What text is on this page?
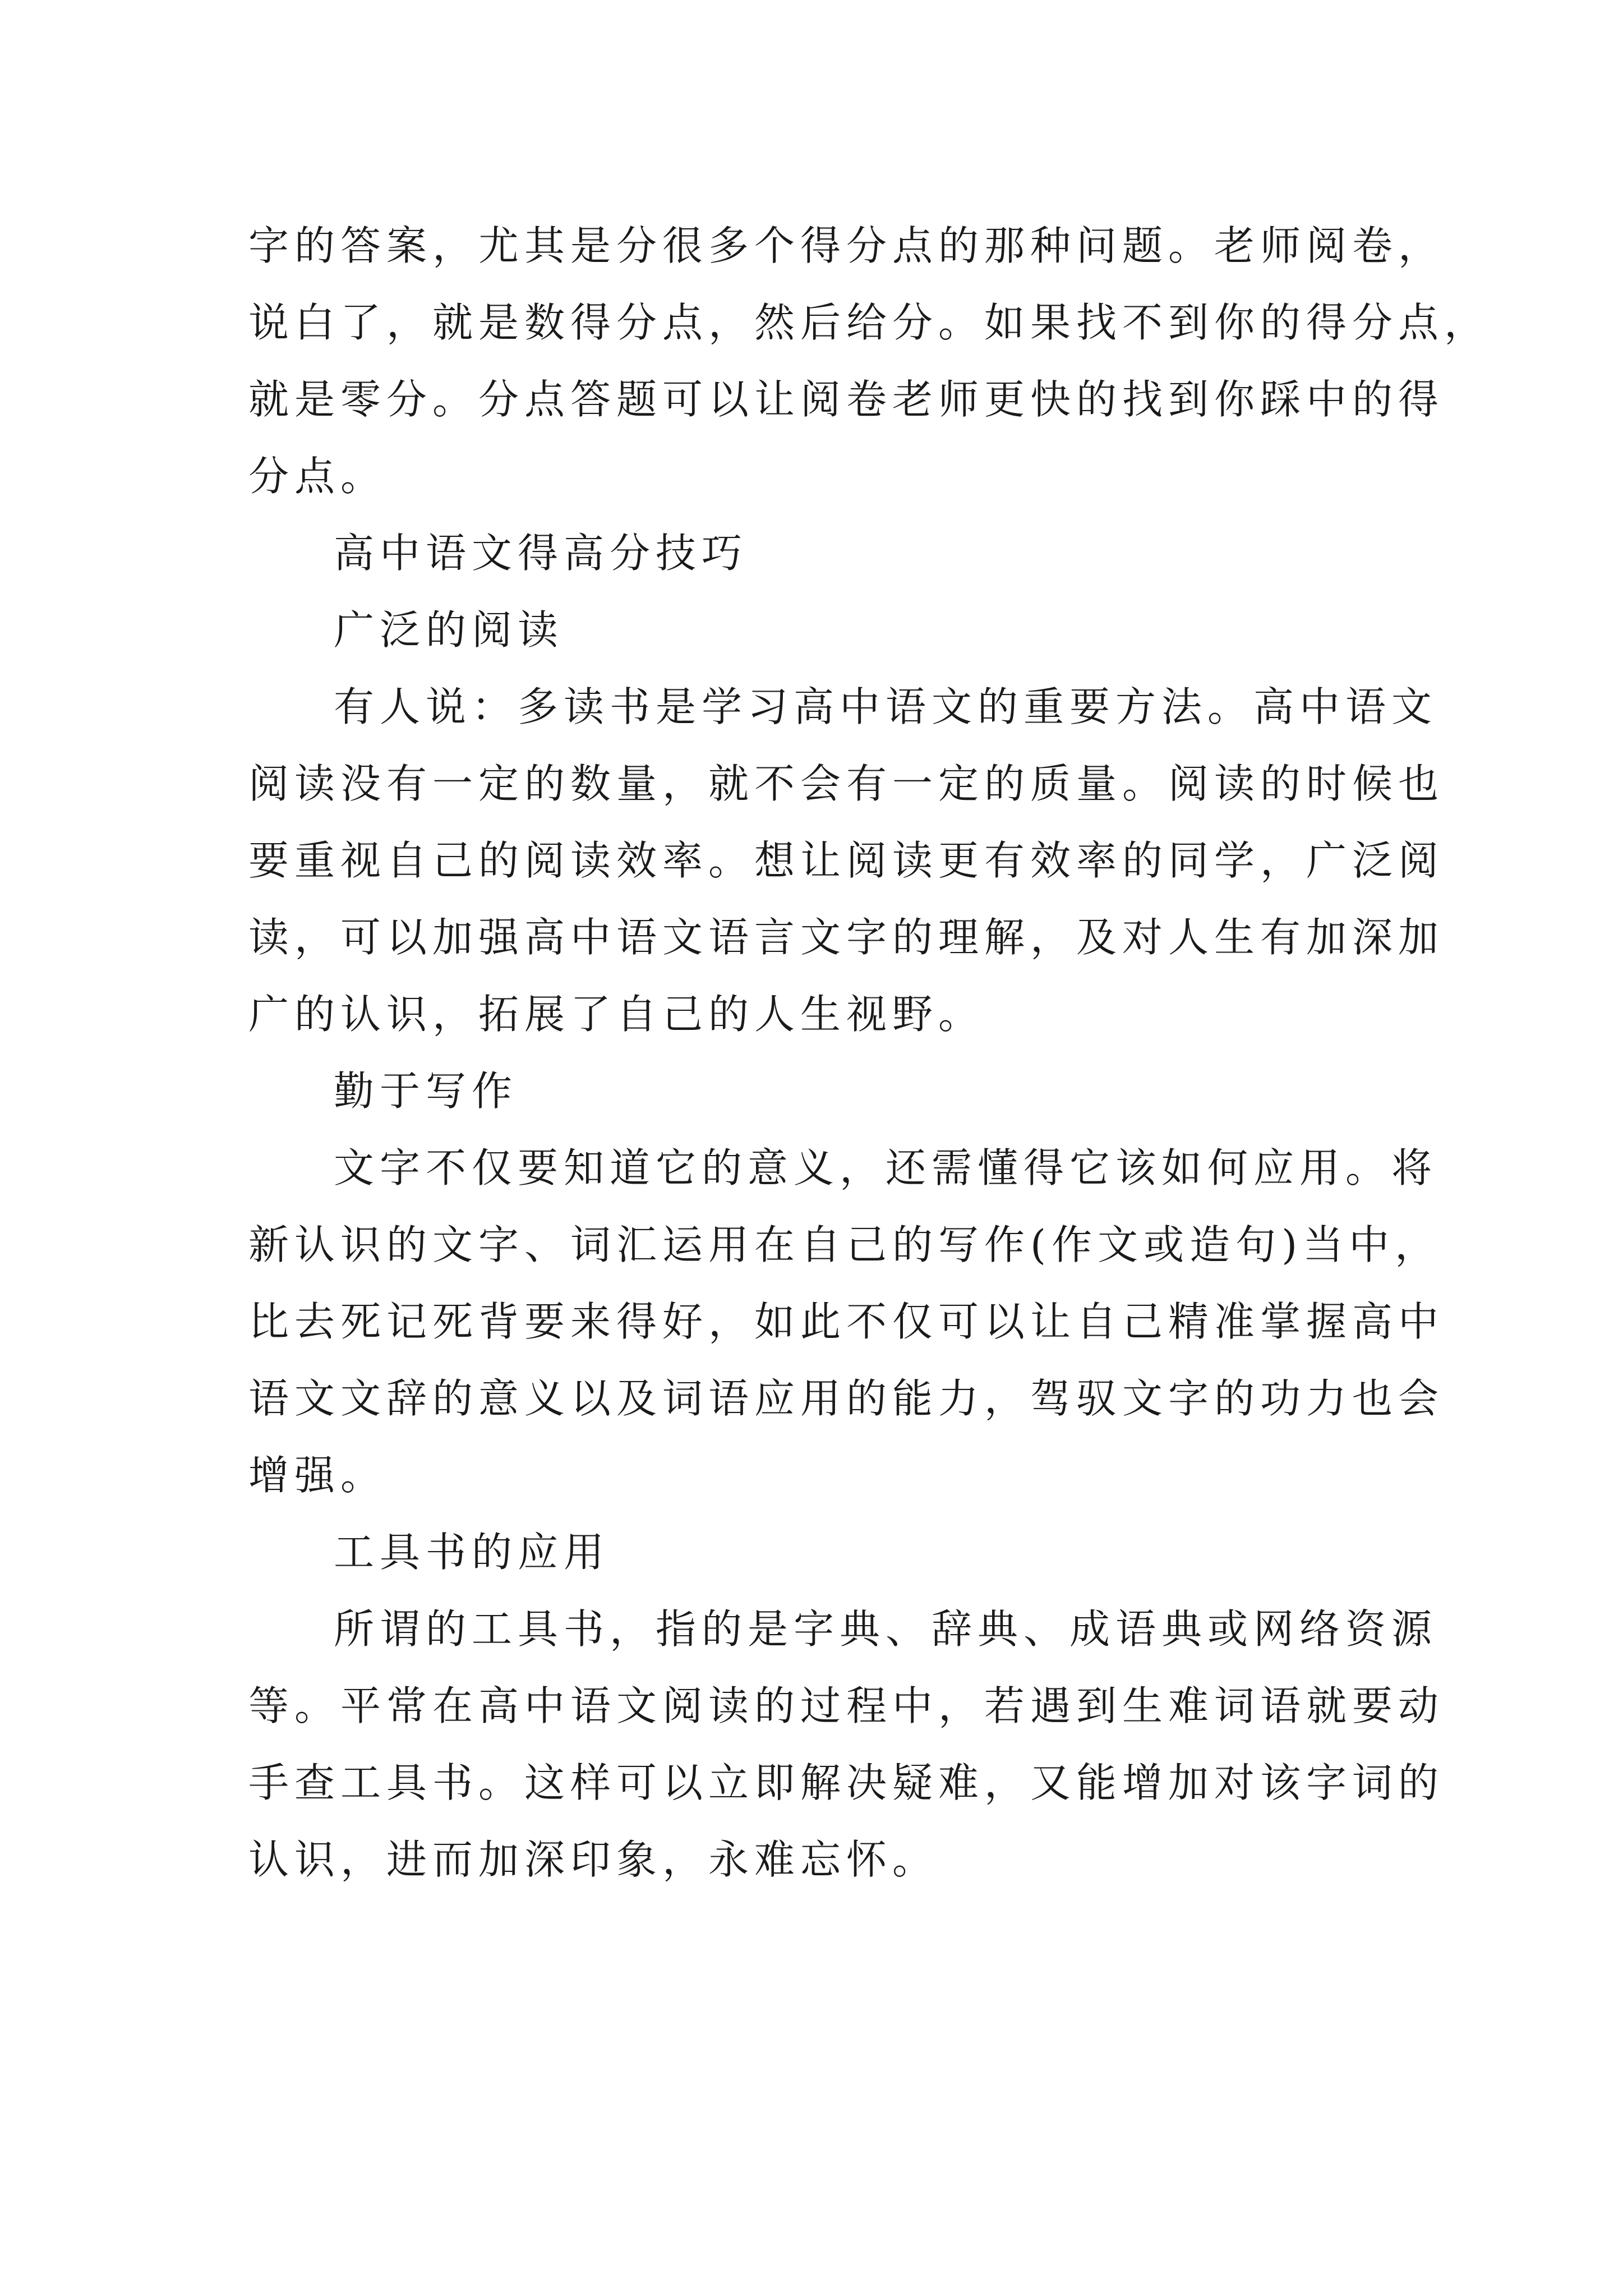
字的答案，尤其是分很多个得分点的那种问题。老师阅卷，
说白了，就是数得分点，然后给分。如果找不到你的得分点，
就是零分。分点答题可以让阅卷老师更快的找到你踩中的得
分点。
高中语文得高分技巧
广泛的阅读
有人说：多读书是学习高中语文的重要方法。高中语文
阅读没有一定的数量，就不会有一定的质量。阅读的时候也
要重视自己的阅读效率。想让阅读更有效率的同学，广泛阅
读，可以加强高中语文语言文字的理解，及对人生有加深加
广的认识，拓展了自己的人生视野。
勤于写作
文字不仅要知道它的意义，还需懂得它该如何应用。将
新认识的文字、词汇运用在自己的写作(作文或造句)当中，
比去死记死背要来得好，如此不仅可以让自己精准掌握高中
语文文辞的意义以及词语应用的能力，驾驭文字的功力也会
增强。
工具书的应用
所谓的工具书，指的是字典、辞典、成语典或网络资源
等。平常在高中语文阅读的过程中，若遇到生难词语就要动
手查工具书。这样可以立即解决疑难，又能增加对该字词的
认识，进而加深印象，永难忘怀。
